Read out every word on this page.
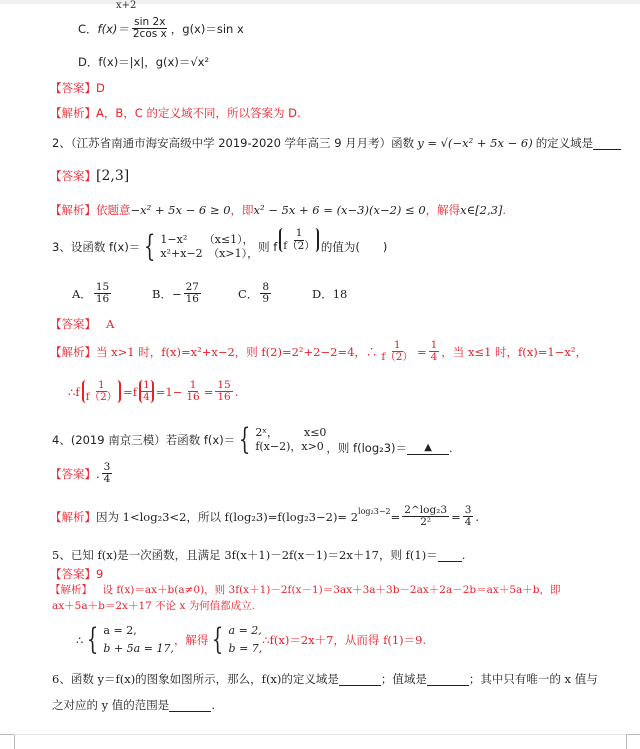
x+2
C． $f(x)= \frac{\sin 2x}{\text{2cos x}}$ ，g(x)＝sin x
D． f(x)＝|x|，g(x)＝√x²
【答案】 D
【解析】 A，B，C 的定义域不同，所以答案为 D.
2、（江苏省南通市海安高级中学 2019-2020 学年高三 9 月月考）函数 y = √(−x² + 5x − 6) 的定义域是
【答案】 [2,3]
【解析】 依题意 −x² + 5x − 6 ≥ 0 ，即 x² − 5x + 6 = (x−3)(x−2) ≤ 0 ，解得 x∈[2,3] .
3、设函数 f(x)＝ { 1−x²　　（x≤1），
x²+x−2　（x>1）， 则 f $\frac{1}{f(2)}$ 的值为(　　)
A． $\frac{15}{16}$	B．− $\frac{27}{16}$	C． $\frac{8}{9}$	D． 18
【答案】 A
【解析】 当 x>1 时，f(x)=x²+x−2，则 f(2)=2²+2−2=4，∴ $\frac{1}{f(2)} = \frac{1}{4}$ ，当 x≤1 时，f(x)=1−x²，
∴f $\frac{1}{f(2)} =f \frac{1}{4} =1- \frac{1}{16} = \frac{15}{16}$ .
4、(2019 南京三模）若函数 f(x)＝ { 2ˣ， x≤0
f(x−2)，x>0 ，则 f(log₂3)＝	▲	.
【答案】 . $\frac{3}{4}$
【解析】 因为 1<log₂3<2，所以 $f(\log_23)=f(\log_23-2)= 2^{log_23-2} = \frac{\text{2\textasciicircum{}log₂3}}{\text{2²}} = \frac{3}{4}$ .
5、已知 f(x)是一次函数，且满足 3f(x＋1)－2f(x－1)＝2x＋17，则 f(1)＝ .
【答案】 9
【解析】 　设 f(x)＝ax＋b(a≠0)，则 3f(x＋1)－2f(x－1)＝3ax＋3a＋3b－2ax＋2a－2b＝ax＋5a＋b，即
ax＋5a＋b＝2x＋17 不论 x 为何值都成立.
∴ { a = 2,
b + 5a = 17,
，解得 { a = 2,
b = 7,
∴f(x)＝2x＋7，从而得 f(1)＝9.
6、函数 y＝f(x)的图象如图所示，那么，f(x)的定义域是	；值域是	；其中只有唯一的 x 值与
之对应的 y 值的范围是	.
